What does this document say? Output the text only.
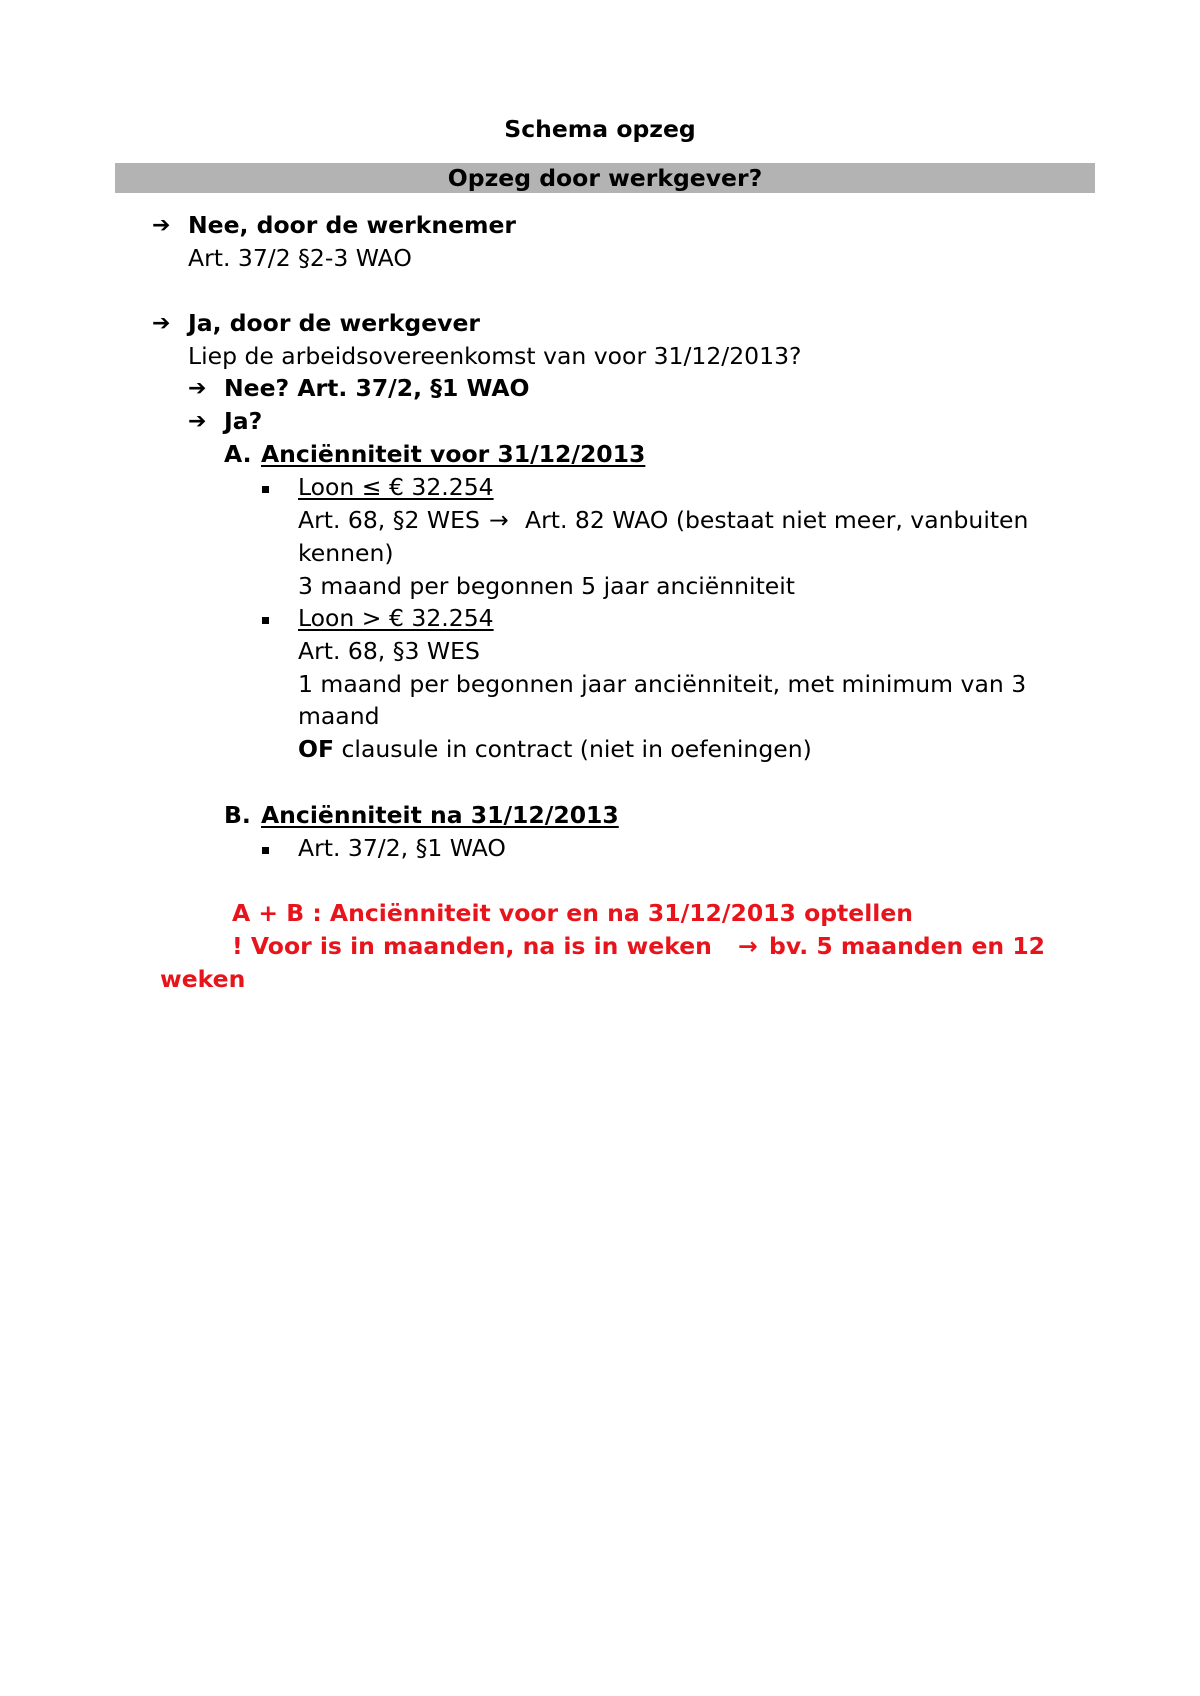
Schema opzeg
Opzeg door werkgever?
➔ Nee, door de werknemer
Art. 37/2 §2-3 WAO
➔ Ja, door de werkgever
Liep de arbeidsovereenkomst van voor 31/12/2013?
➔ Nee? Art. 37/2, §1 WAO
➔ Ja?
A. Anciënniteit voor 31/12/2013
Loon ≤ € 32.254
Art. 68, §2 WES → Art. 82 WAO (bestaat niet meer, vanbuiten
kennen)
3 maand per begonnen 5 jaar anciënniteit
Loon > € 32.254
Art. 68, §3 WES
1 maand per begonnen jaar anciënniteit, met minimum van 3
maand
OF clausule in contract (niet in oefeningen)
B. Anciënniteit na 31/12/2013
Art. 37/2, §1 WAO
A + B : Anciënniteit voor en na 31/12/2013 optellen
! Voor is in maanden, na is in weken → bv. 5 maanden en 12
weken
